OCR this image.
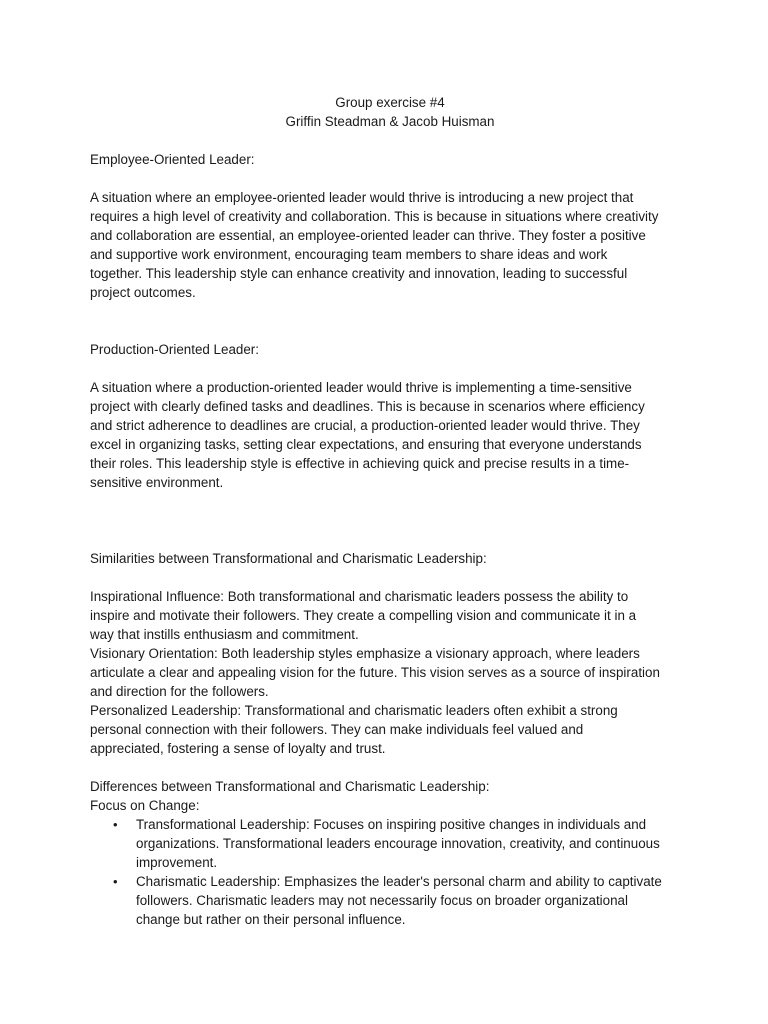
Group exercise #4
Griffin Steadman & Jacob Huisman
Employee-Oriented Leader:
A situation where an employee-oriented leader would thrive is introducing a new project that
requires a high level of creativity and collaboration. This is because in situations where creativity
and collaboration are essential, an employee-oriented leader can thrive. They foster a positive
and supportive work environment, encouraging team members to share ideas and work
together. This leadership style can enhance creativity and innovation, leading to successful
project outcomes.
Production-Oriented Leader:
A situation where a production-oriented leader would thrive is implementing a time-sensitive
project with clearly defined tasks and deadlines. This is because in scenarios where efficiency
and strict adherence to deadlines are crucial, a production-oriented leader would thrive. They
excel in organizing tasks, setting clear expectations, and ensuring that everyone understands
their roles. This leadership style is effective in achieving quick and precise results in a time-
sensitive environment.
Similarities between Transformational and Charismatic Leadership:
Inspirational Influence: Both transformational and charismatic leaders possess the ability to
inspire and motivate their followers. They create a compelling vision and communicate it in a
way that instills enthusiasm and commitment.
Visionary Orientation: Both leadership styles emphasize a visionary approach, where leaders
articulate a clear and appealing vision for the future. This vision serves as a source of inspiration
and direction for the followers.
Personalized Leadership: Transformational and charismatic leaders often exhibit a strong
personal connection with their followers. They can make individuals feel valued and
appreciated, fostering a sense of loyalty and trust.
Differences between Transformational and Charismatic Leadership:
Focus on Change:
• Transformational Leadership: Focuses on inspiring positive changes in individuals and
organizations. Transformational leaders encourage innovation, creativity, and continuous
improvement.
• Charismatic Leadership: Emphasizes the leader's personal charm and ability to captivate
followers. Charismatic leaders may not necessarily focus on broader organizational
change but rather on their personal influence.
